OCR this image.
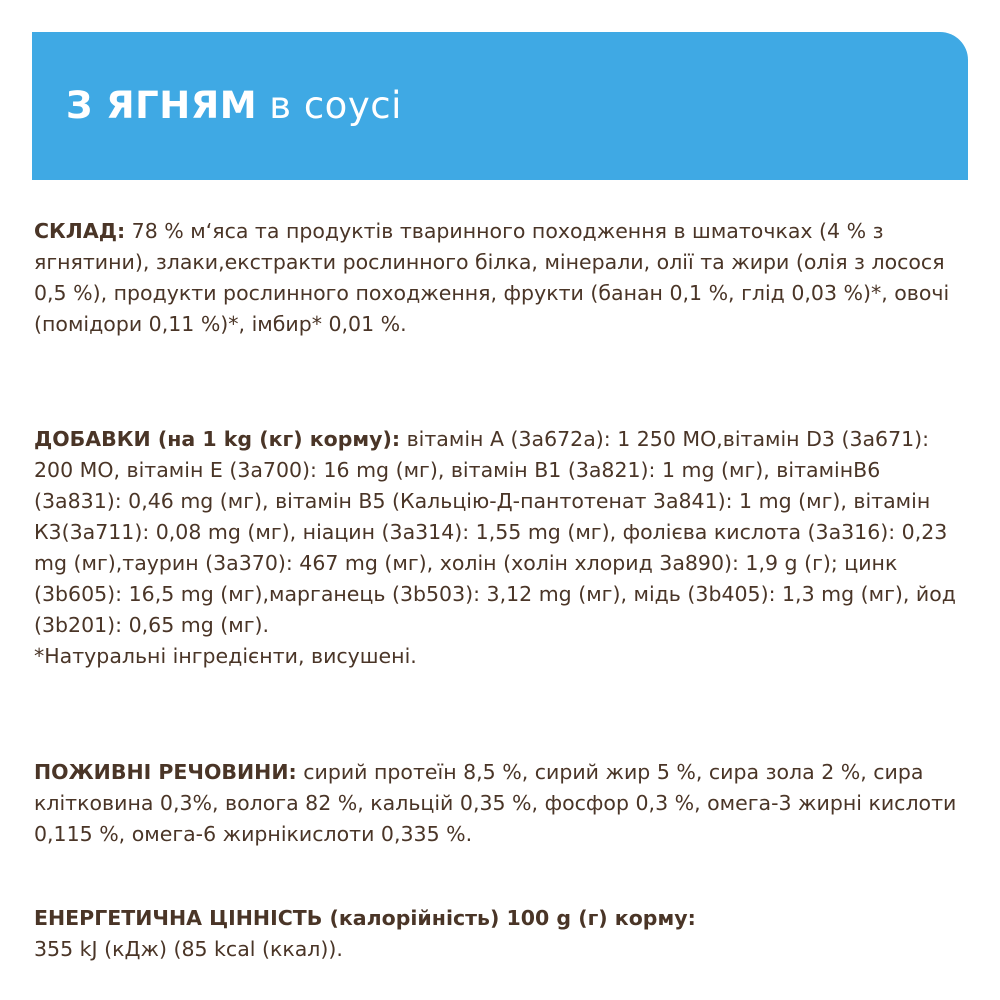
З ЯГНЯМ в соусі

СКЛАД: 78 % м‘яса та продуктів тваринного походження в шматочках (4 % з ягнятини), злаки,екстракти рослинного білка, мінерали, олії та жири (олія з лосося 0,5 %), продукти рослинного походження, фрукти (банан 0,1 %, глід 0,03 %)*, овочі (помідори 0,11 %)*, імбир* 0,01 %.

ДОБАВКИ (на 1 kg (кг) корму): вітамін А (3а672а): 1 250 МО,вітамін D3 (3а671): 200 МО, вітамін Е (3а700): 16 mg (мг), вітамін В1 (3а821): 1 mg (мг), вітамінВ6 (3а831): 0,46 mg (мг), вітамін В5 (Кальцію-Д-пантотенат 3а841): 1 mg (мг), вітамін К3(3а711): 0,08 mg (мг), ніацин (3а314): 1,55 mg (мг), фолієва кислота (3а316): 0,23 mg (мг),таурин (3а370): 467 mg (мг), холін (холін хлорид 3а890): 1,9 g (г); цинк (3b605): 16,5 mg (мг),марганець (3b503): 3,12 mg (мг), мідь (3b405): 1,3 mg (мг), йод (3b201): 0,65 mg (мг).
*Натуральні інгредієнти, висушені.

ПОЖИВНІ РЕЧОВИНИ: сирий протеїн 8,5 %, сирий жир 5 %, сира зола 2 %, сира клітковина 0,3%, волога 82 %, кальцій 0,35 %, фосфор 0,3 %, омега-3 жирні кислоти 0,115 %, омега-6 жирнікислоти 0,335 %.

ЕНЕРГЕТИЧНА ЦІННІСТЬ (калорійність) 100 g (г) корму:
355 kJ (кДж) (85 kcal (ккал)).
